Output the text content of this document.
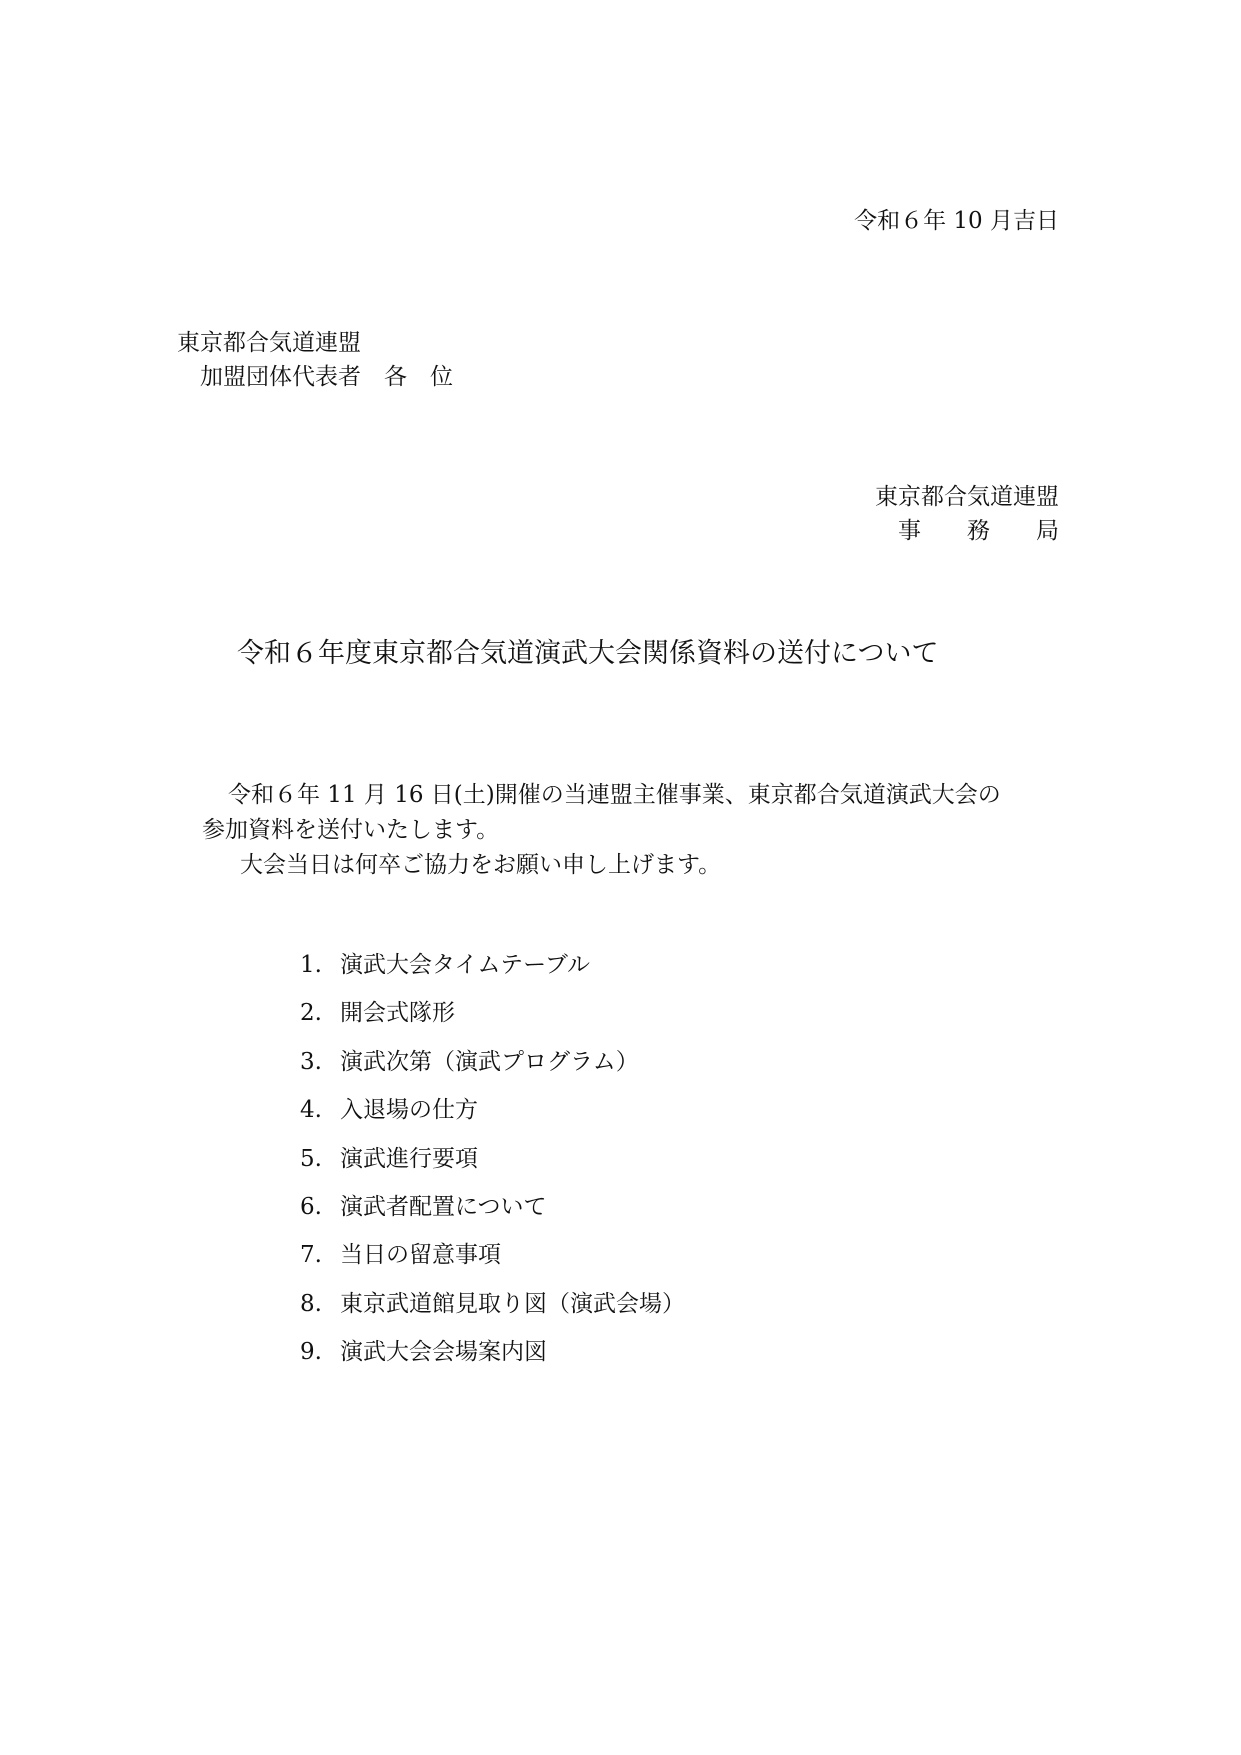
令和６年 10 月吉日

東京都合気道連盟

加盟団体代表者　各　位

東京都合気道連盟

事　　務　　局

令和６年度東京都合気道演武大会関係資料の送付について

令和６年 11 月 16 日(土)開催の当連盟主催事業、東京都合気道演武大会の

参加資料を送付いたします。

大会当日は何卒ご協力をお願い申し上げます。

1. 演武大会タイムテーブル
2. 開会式隊形
3. 演武次第（演武プログラム）
4. 入退場の仕方
5. 演武進行要項
6. 演武者配置について
7. 当日の留意事項
8. 東京武道館見取り図（演武会場）
9. 演武大会会場案内図
